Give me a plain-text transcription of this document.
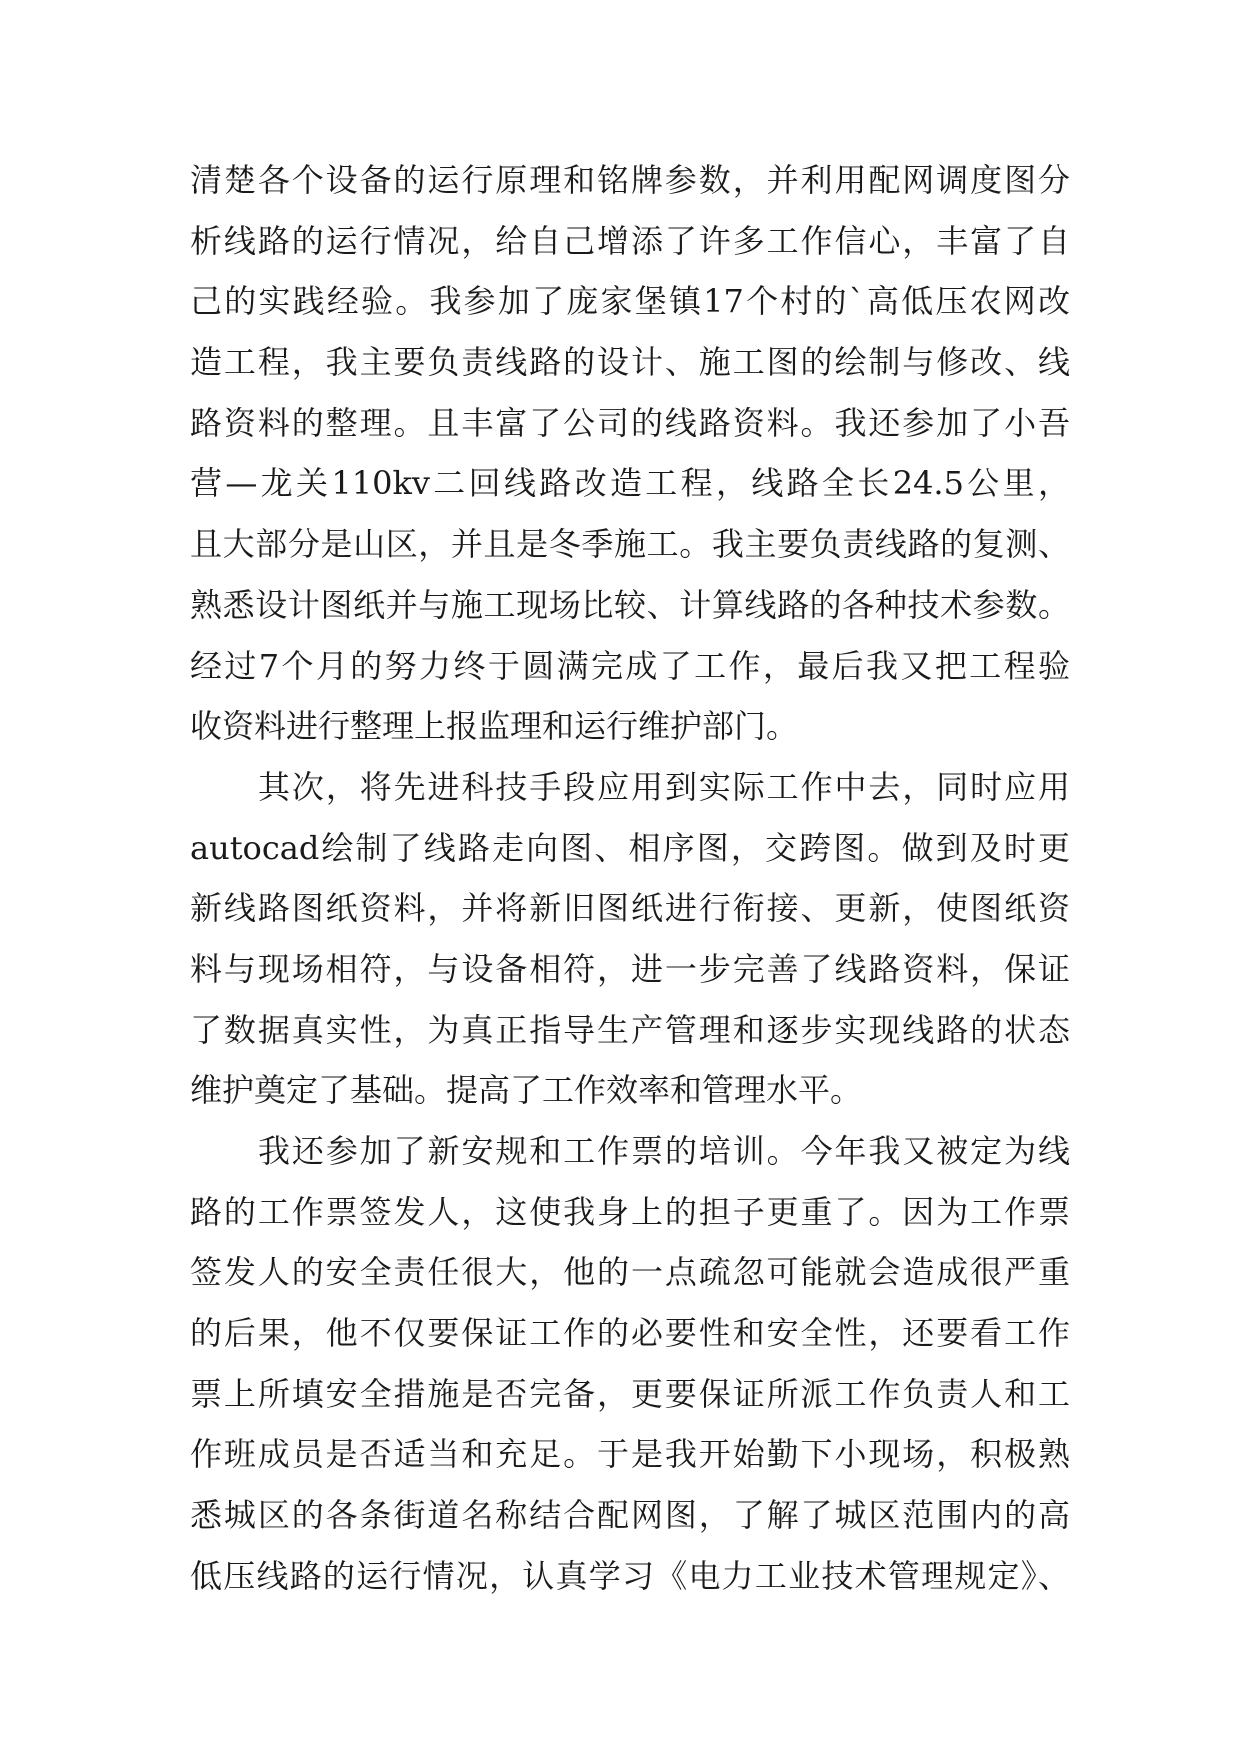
清楚各个设备的运行原理和铭牌参数，并利用配网调度图分
析线路的运行情况，给自己增添了许多工作信心，丰富了自
己的实践经验。我参加了庞家堡镇17个村的`高低压农网改
造工程，我主要负责线路的设计、施工图的绘制与修改、线
路资料的整理。且丰富了公司的线路资料。我还参加了小吾
营—龙关110kv二回线路改造工程，线路全长24.5公里，
且大部分是山区，并且是冬季施工。我主要负责线路的复测、
熟悉设计图纸并与施工现场比较、计算线路的各种技术参数。
经过7个月的努力终于圆满完成了工作，最后我又把工程验
收资料进行整理上报监理和运行维护部门。
其次，将先进科技手段应用到实际工作中去，同时应用
autocad绘制了线路走向图、相序图，交跨图。做到及时更
新线路图纸资料，并将新旧图纸进行衔接、更新，使图纸资
料与现场相符，与设备相符，进一步完善了线路资料，保证
了数据真实性，为真正指导生产管理和逐步实现线路的状态
维护奠定了基础。提高了工作效率和管理水平。
我还参加了新安规和工作票的培训。今年我又被定为线
路的工作票签发人，这使我身上的担子更重了。因为工作票
签发人的安全责任很大，他的一点疏忽可能就会造成很严重
的后果，他不仅要保证工作的必要性和安全性，还要看工作
票上所填安全措施是否完备，更要保证所派工作负责人和工
作班成员是否适当和充足。于是我开始勤下小现场，积极熟
悉城区的各条街道名称结合配网图，了解了城区范围内的高
低压线路的运行情况，认真学习《电力工业技术管理规定》、
